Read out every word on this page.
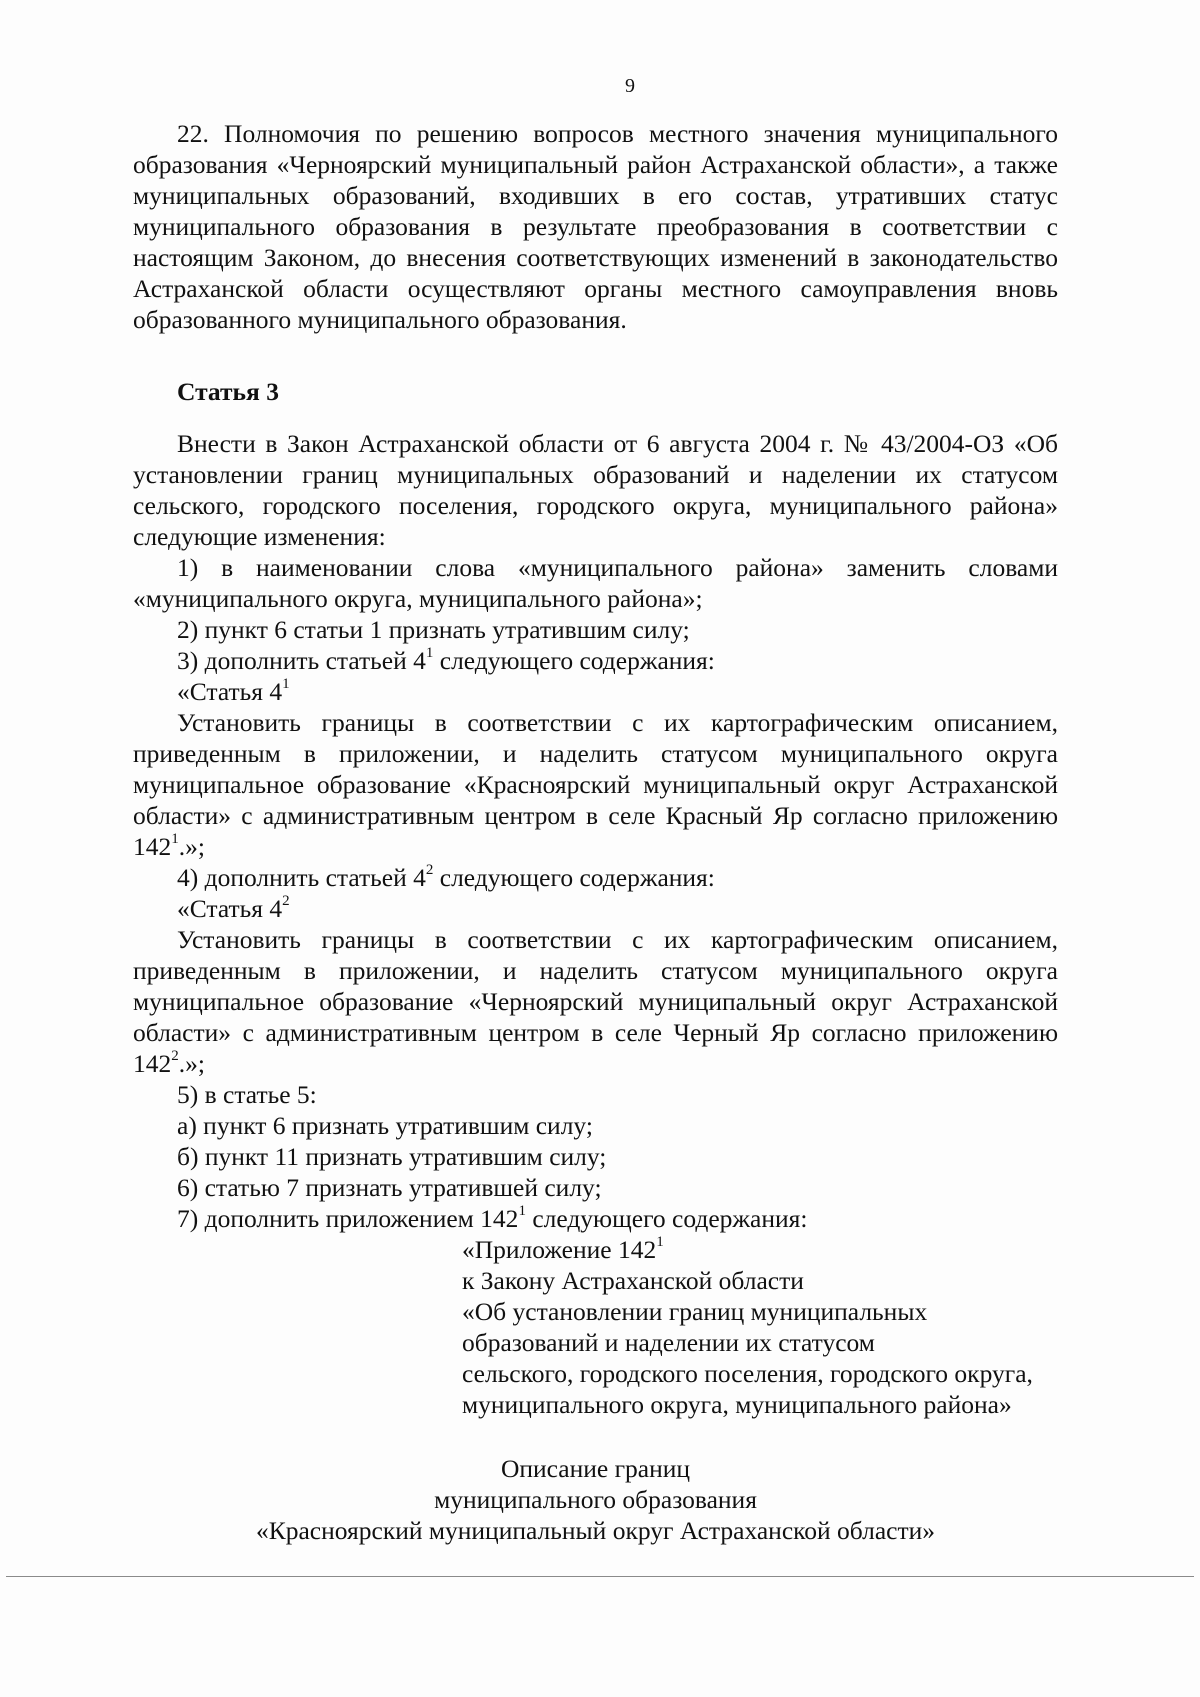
9

22. Полномочия по решению вопросов местного значения муниципального образования «Черноярский муниципальный район Астраханской области», а также муниципальных образований, входивших в его состав, утративших статус муниципального образования в результате преобразования в соответствии с настоящим Законом, до внесения соответствующих изменений в законодательство Астраханской области осуществляют органы местного самоуправления вновь образованного муниципального образования.

Статья 3

Внести в Закон Астраханской области от 6 августа 2004 г. № 43/2004-ОЗ «Об установлении границ муниципальных образований и наделении их статусом сельского, городского поселения, городского округа, муниципального района» следующие изменения:

1) в наименовании слова «муниципального района» заменить словами «муниципального округа, муниципального района»;

2) пункт 6 статьи 1 признать утратившим силу;

3) дополнить статьей $4^1$ следующего содержания:

«Статья $4^1$

Установить границы в соответствии с их картографическим описанием, приведенным в приложении, и наделить статусом муниципального округа муниципальное образование «Красноярский муниципальный округ Астраханской области» с административным центром в селе Красный Яр согласно приложению $142^1$.»;

4) дополнить статьей $4^2$ следующего содержания:

«Статья $4^2$

Установить границы в соответствии с их картографическим описанием, приведенным в приложении, и наделить статусом муниципального округа муниципальное образование «Черноярский муниципальный округ Астраханской области» с административным центром в селе Черный Яр согласно приложению $142^2$.»;

5) в статье 5:

а) пункт 6 признать утратившим силу;

б) пункт 11 признать утратившим силу;

6) статью 7 признать утратившей силу;

7) дополнить приложением $142^1$ следующего содержания:

«Приложение $142^1$
к Закону Астраханской области
«Об установлении границ муниципальных
образований и наделении их статусом
сельского, городского поселения, городского округа,
муниципального округа, муниципального района»
Описание границ
муниципального образования
«Красноярский муниципальный округ Астраханской области»
